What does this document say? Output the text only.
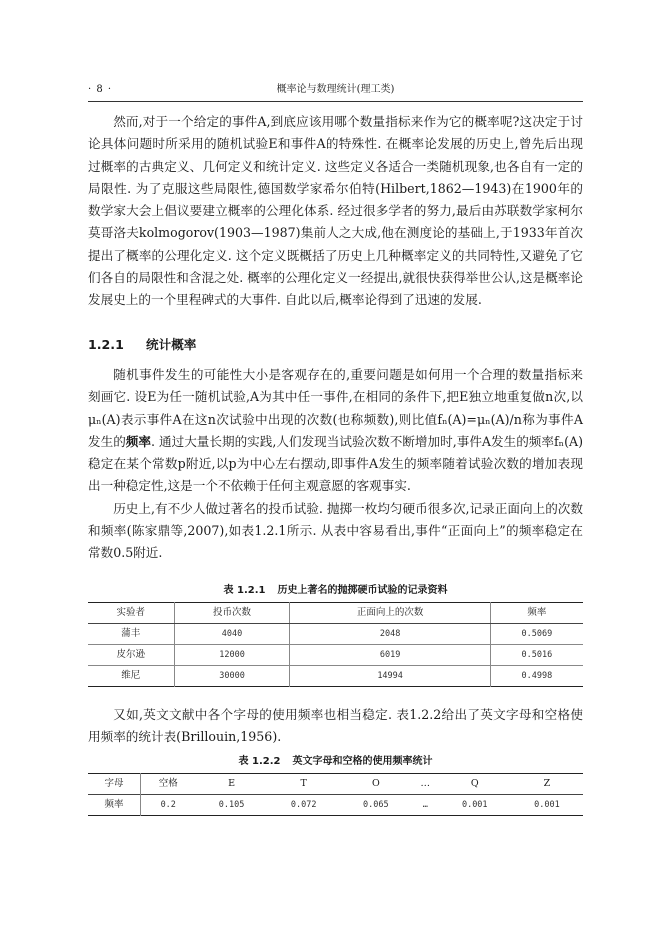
· 8 ·	概率论与数理统计(理工类)

然而,对于一个给定的事件A,到底应该用哪个数量指标来作为它的概率呢?这决定于讨论具体问题时所采用的随机试验E和事件A的特殊性. 在概率论发展的历史上,曾先后出现过概率的古典定义、几何定义和统计定义. 这些定义各适合一类随机现象,也各自有一定的局限性. 为了克服这些局限性,德国数学家希尔伯特(Hilbert,1862—1943)在1900年的数学家大会上倡议要建立概率的公理化体系. 经过很多学者的努力,最后由苏联数学家柯尔莫哥洛夫kolmogorov(1903—1987)集前人之大成,他在测度论的基础上,于1933年首次提出了概率的公理化定义. 这个定义既概括了历史上几种概率定义的共同特性,又避免了它们各自的局限性和含混之处. 概率的公理化定义一经提出,就很快获得举世公认,这是概率论发展史上的一个里程碑式的大事件. 自此以后,概率论得到了迅速的发展.

1.2.1 统计概率

随机事件发生的可能性大小是客观存在的,重要问题是如何用一个合理的数量指标来刻画它. 设E为任一随机试验,A为其中任一事件,在相同的条件下,把E独立地重复做n次,以μₙ(A)表示事件A在这n次试验中出现的次数(也称频数),则比值fₙ(A)=μₙ(A)/n称为事件A发生的频率. 通过大量长期的实践,人们发现当试验次数不断增加时,事件A发生的频率fₙ(A)稳定在某个常数p附近,以p为中心左右摆动,即事件A发生的频率随着试验次数的增加表现出一种稳定性,这是一个不依赖于任何主观意愿的客观事实.

历史上,有不少人做过著名的投币试验. 抛掷一枚均匀硬币很多次,记录正面向上的次数和频率(陈家鼎等,2007),如表1.2.1所示. 从表中容易看出,事件“正面向上”的频率稳定在常数0.5附近.

表 1.2.1 历史上著名的抛掷硬币试验的记录资料
实验者	投币次数	正面向上的次数	频率
蒲丰	4040	2048	0.5069
皮尔逊	12000	6019	0.5016
维尼	30000	14994	0.4998

又如,英文文献中各个字母的使用频率也相当稳定. 表1.2.2给出了英文字母和空格使用频率的统计表(Brillouin,1956).

表 1.2.2 英文字母和空格的使用频率统计
字母	空格	E	T	O	…	Q	Z
频率	0.2	0.105	0.072	0.065	…	0.001	0.001
